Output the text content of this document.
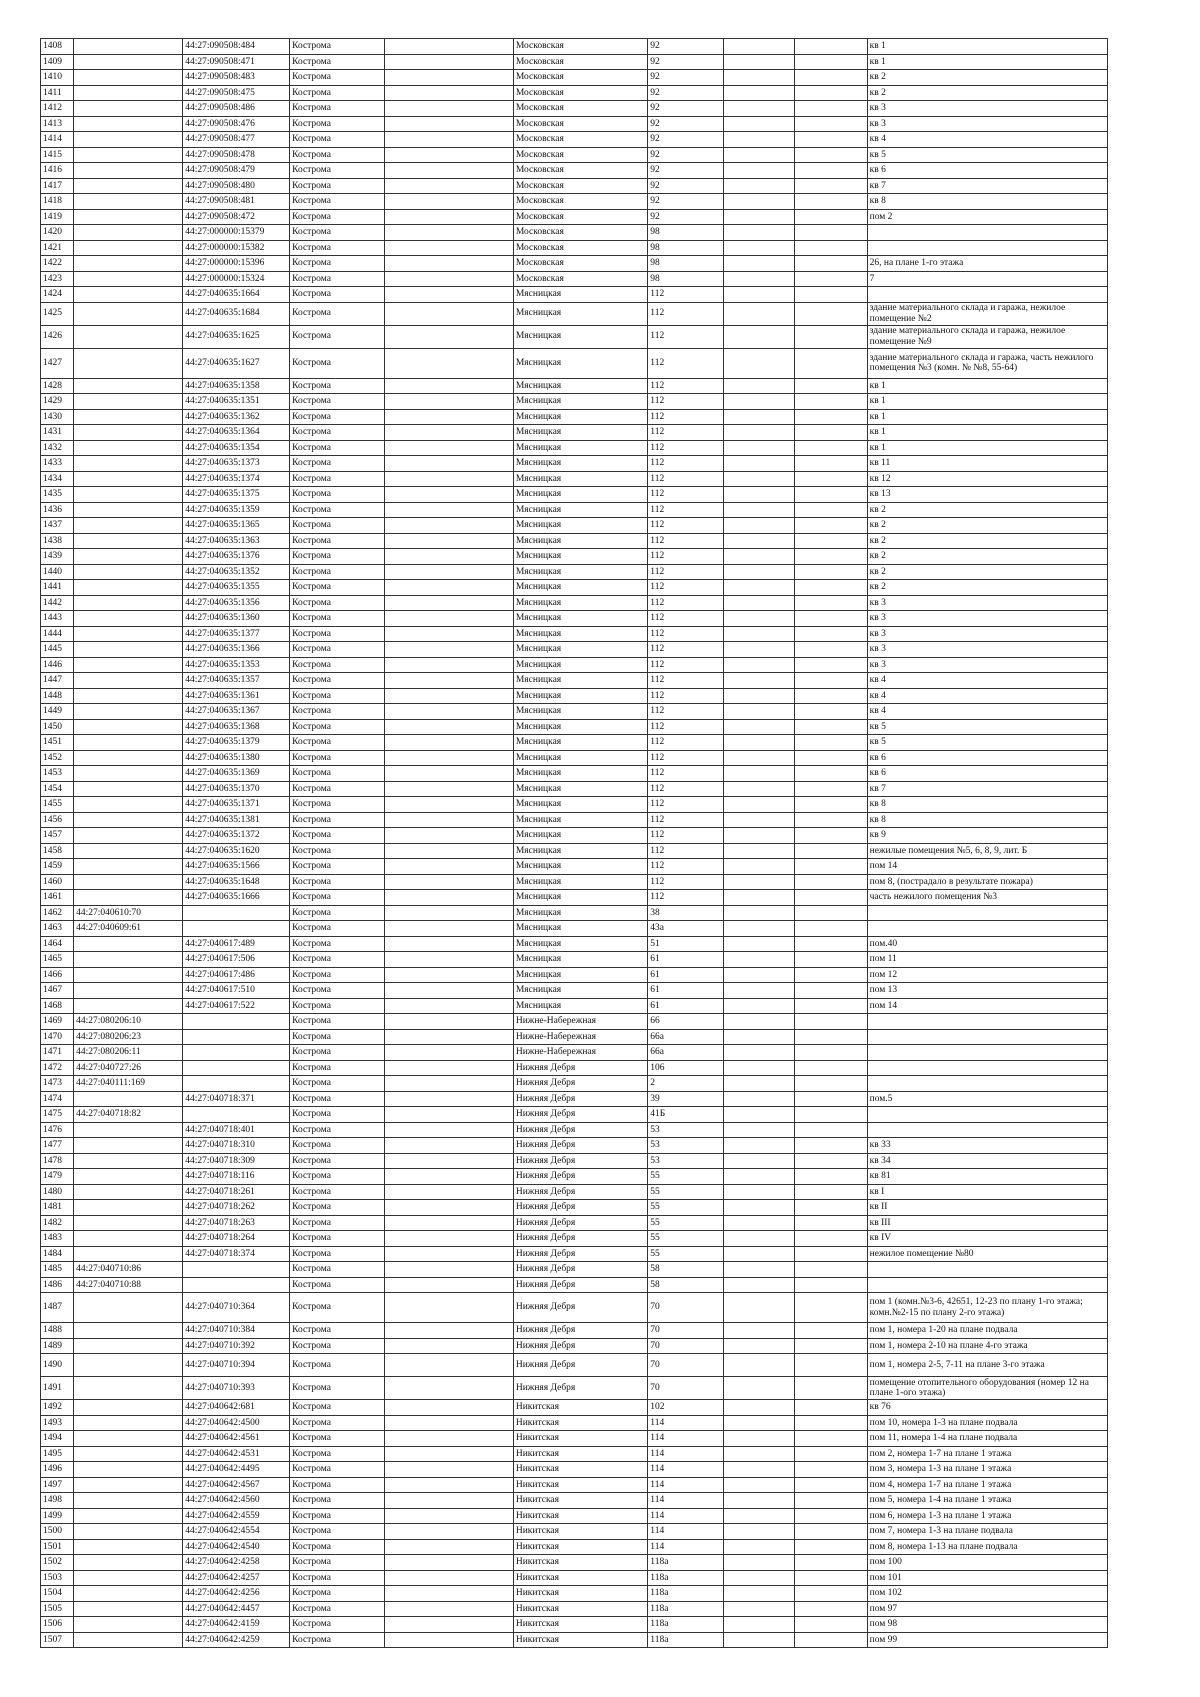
1408		44:27:090508:484	Кострома		Московская	92			кв 1
1409		44:27:090508:471	Кострома		Московская	92			кв 1
1410		44:27:090508:483	Кострома		Московская	92			кв 2
1411		44:27:090508:475	Кострома		Московская	92			кв 2
1412		44:27:090508:486	Кострома		Московская	92			кв 3
1413		44:27:090508:476	Кострома		Московская	92			кв 3
1414		44:27:090508:477	Кострома		Московская	92			кв 4
1415		44:27:090508:478	Кострома		Московская	92			кв 5
1416		44:27:090508:479	Кострома		Московская	92			кв 6
1417		44:27:090508:480	Кострома		Московская	92			кв 7
1418		44:27:090508:481	Кострома		Московская	92			кв 8
1419		44:27:090508:472	Кострома		Московская	92			пом 2
1420		44:27:000000:15379	Кострома		Московская	98			
1421		44:27:000000:15382	Кострома		Московская	98			
1422		44:27:000000:15396	Кострома		Московская	98			26, на плане 1-го этажа
1423		44:27:000000:15324	Кострома		Московская	98			7
1424		44:27:040635:1664	Кострома		Мясницкая	112			
1425		44:27:040635:1684	Кострома		Мясницкая	112			здание материального склада и гаража, нежилое помещение №2
1426		44:27:040635:1625	Кострома		Мясницкая	112			здание материального склада и гаража, нежилое помещение №9
1427		44:27:040635:1627	Кострома		Мясницкая	112			здание материального склада и гаража, часть нежилого помещения №3 (комн. № №8, 55-64)
1428		44:27:040635:1358	Кострома		Мясницкая	112			кв 1
1429		44:27:040635:1351	Кострома		Мясницкая	112			кв 1
1430		44:27:040635:1362	Кострома		Мясницкая	112			кв 1
1431		44:27:040635:1364	Кострома		Мясницкая	112			кв 1
1432		44:27:040635:1354	Кострома		Мясницкая	112			кв 1
1433		44:27:040635:1373	Кострома		Мясницкая	112			кв 11
1434		44:27:040635:1374	Кострома		Мясницкая	112			кв 12
1435		44:27:040635:1375	Кострома		Мясницкая	112			кв 13
1436		44:27:040635:1359	Кострома		Мясницкая	112			кв 2
1437		44:27:040635:1365	Кострома		Мясницкая	112			кв 2
1438		44:27:040635:1363	Кострома		Мясницкая	112			кв 2
1439		44:27:040635:1376	Кострома		Мясницкая	112			кв 2
1440		44:27:040635:1352	Кострома		Мясницкая	112			кв 2
1441		44:27:040635:1355	Кострома		Мясницкая	112			кв 2
1442		44:27:040635:1356	Кострома		Мясницкая	112			кв 3
1443		44:27:040635:1360	Кострома		Мясницкая	112			кв 3
1444		44:27:040635:1377	Кострома		Мясницкая	112			кв 3
1445		44:27:040635:1366	Кострома		Мясницкая	112			кв 3
1446		44:27:040635:1353	Кострома		Мясницкая	112			кв 3
1447		44:27:040635:1357	Кострома		Мясницкая	112			кв 4
1448		44:27:040635:1361	Кострома		Мясницкая	112			кв 4
1449		44:27:040635:1367	Кострома		Мясницкая	112			кв 4
1450		44:27:040635:1368	Кострома		Мясницкая	112			кв 5
1451		44:27:040635:1379	Кострома		Мясницкая	112			кв 5
1452		44:27:040635:1380	Кострома		Мясницкая	112			кв 6
1453		44:27:040635:1369	Кострома		Мясницкая	112			кв 6
1454		44:27:040635:1370	Кострома		Мясницкая	112			кв 7
1455		44:27:040635:1371	Кострома		Мясницкая	112			кв 8
1456		44:27:040635:1381	Кострома		Мясницкая	112			кв 8
1457		44:27:040635:1372	Кострома		Мясницкая	112			кв 9
1458		44:27:040635:1620	Кострома		Мясницкая	112			нежилые помещения №5, 6, 8, 9, лит. Б
1459		44:27:040635:1566	Кострома		Мясницкая	112			пом 14
1460		44:27:040635:1648	Кострома		Мясницкая	112			пом 8, (пострадало в результате пожара)
1461		44:27:040635:1666	Кострома		Мясницкая	112			часть нежилого помещения №3
1462	44:27:040610:70		Кострома		Мясницкая	38			
1463	44:27:040609:61		Кострома		Мясницкая	43а			
1464		44:27:040617:489	Кострома		Мясницкая	51			пом.40
1465		44:27:040617:506	Кострома		Мясницкая	61			пом 11
1466		44:27:040617:486	Кострома		Мясницкая	61			пом 12
1467		44:27:040617:510	Кострома		Мясницкая	61			пом 13
1468		44:27:040617:522	Кострома		Мясницкая	61			пом 14
1469	44:27:080206:10		Кострома		Нижне-Набережная	66			
1470	44:27:080206:23		Кострома		Нижне-Набережная	66а			
1471	44:27:080206:11		Кострома		Нижне-Набережная	66а			
1472	44:27:040727:26		Кострома		Нижняя Дебря	106			
1473	44:27:040111:169		Кострома		Нижняя Дебря	2			
1474		44:27:040718:371	Кострома		Нижняя Дебря	39			пом.5
1475	44:27:040718:82		Кострома		Нижняя Дебря	41Б			
1476		44:27:040718:401	Кострома		Нижняя Дебря	53			
1477		44:27:040718:310	Кострома		Нижняя Дебря	53			кв 33
1478		44:27:040718:309	Кострома		Нижняя Дебря	53			кв 34
1479		44:27:040718:116	Кострома		Нижняя Дебря	55			кв 81
1480		44:27:040718:261	Кострома		Нижняя Дебря	55			кв I
1481		44:27:040718:262	Кострома		Нижняя Дебря	55			кв II
1482		44:27:040718:263	Кострома		Нижняя Дебря	55			кв III
1483		44:27:040718:264	Кострома		Нижняя Дебря	55			кв IV
1484		44:27:040718:374	Кострома		Нижняя Дебря	55			нежилое помещение №80
1485	44:27:040710:86		Кострома		Нижняя Дебря	58			
1486	44:27:040710:88		Кострома		Нижняя Дебря	58			
1487		44:27:040710:364	Кострома		Нижняя Дебря	70			пом 1 (комн.№3-6, 42651, 12-23 по плану 1-го этажа; комн.№2-15 по плану 2-го этажа)
1488		44:27:040710:384	Кострома		Нижняя Дебря	70			пом 1, номера 1-20 на плане подвала
1489		44:27:040710:392	Кострома		Нижняя Дебря	70			пом 1, номера 2-10 на плане 4-го этажа
1490		44:27:040710:394	Кострома		Нижняя Дебря	70			пом 1, номера 2-5, 7-11 на плане 3-го этажа
1491		44:27:040710:393	Кострома		Нижняя Дебря	70			помещение отопительного оборудования (номер 12 на плане 1-ого этажа)
1492		44:27:040642:681	Кострома		Никитская	102			кв 76
1493		44:27:040642:4500	Кострома		Никитская	114			пом 10, номера 1-3 на плане подвала
1494		44:27:040642:4561	Кострома		Никитская	114			пом 11, номера 1-4 на плане подвала
1495		44:27:040642:4531	Кострома		Никитская	114			пом 2, номера 1-7 на плане 1 этажа
1496		44:27:040642:4495	Кострома		Никитская	114			пом 3, номера 1-3 на плане 1 этажа
1497		44:27:040642:4567	Кострома		Никитская	114			пом 4, номера 1-7 на плане 1 этажа
1498		44:27:040642:4560	Кострома		Никитская	114			пом 5, номера 1-4 на плане 1 этажа
1499		44:27:040642:4559	Кострома		Никитская	114			пом 6, номера 1-3 на плане 1 этажа
1500		44:27:040642:4554	Кострома		Никитская	114			пом 7, номера 1-3 на плане подвала
1501		44:27:040642:4540	Кострома		Никитская	114			пом 8, номера 1-13 на плане подвала
1502		44:27:040642:4258	Кострома		Никитская	118а			пом 100
1503		44:27:040642:4257	Кострома		Никитская	118а			пом 101
1504		44:27:040642:4256	Кострома		Никитская	118а			пом 102
1505		44:27:040642:4457	Кострома		Никитская	118а			пом 97
1506		44:27:040642:4159	Кострома		Никитская	118а			пом 98
1507		44:27:040642:4259	Кострома		Никитская	118а			пом 99
